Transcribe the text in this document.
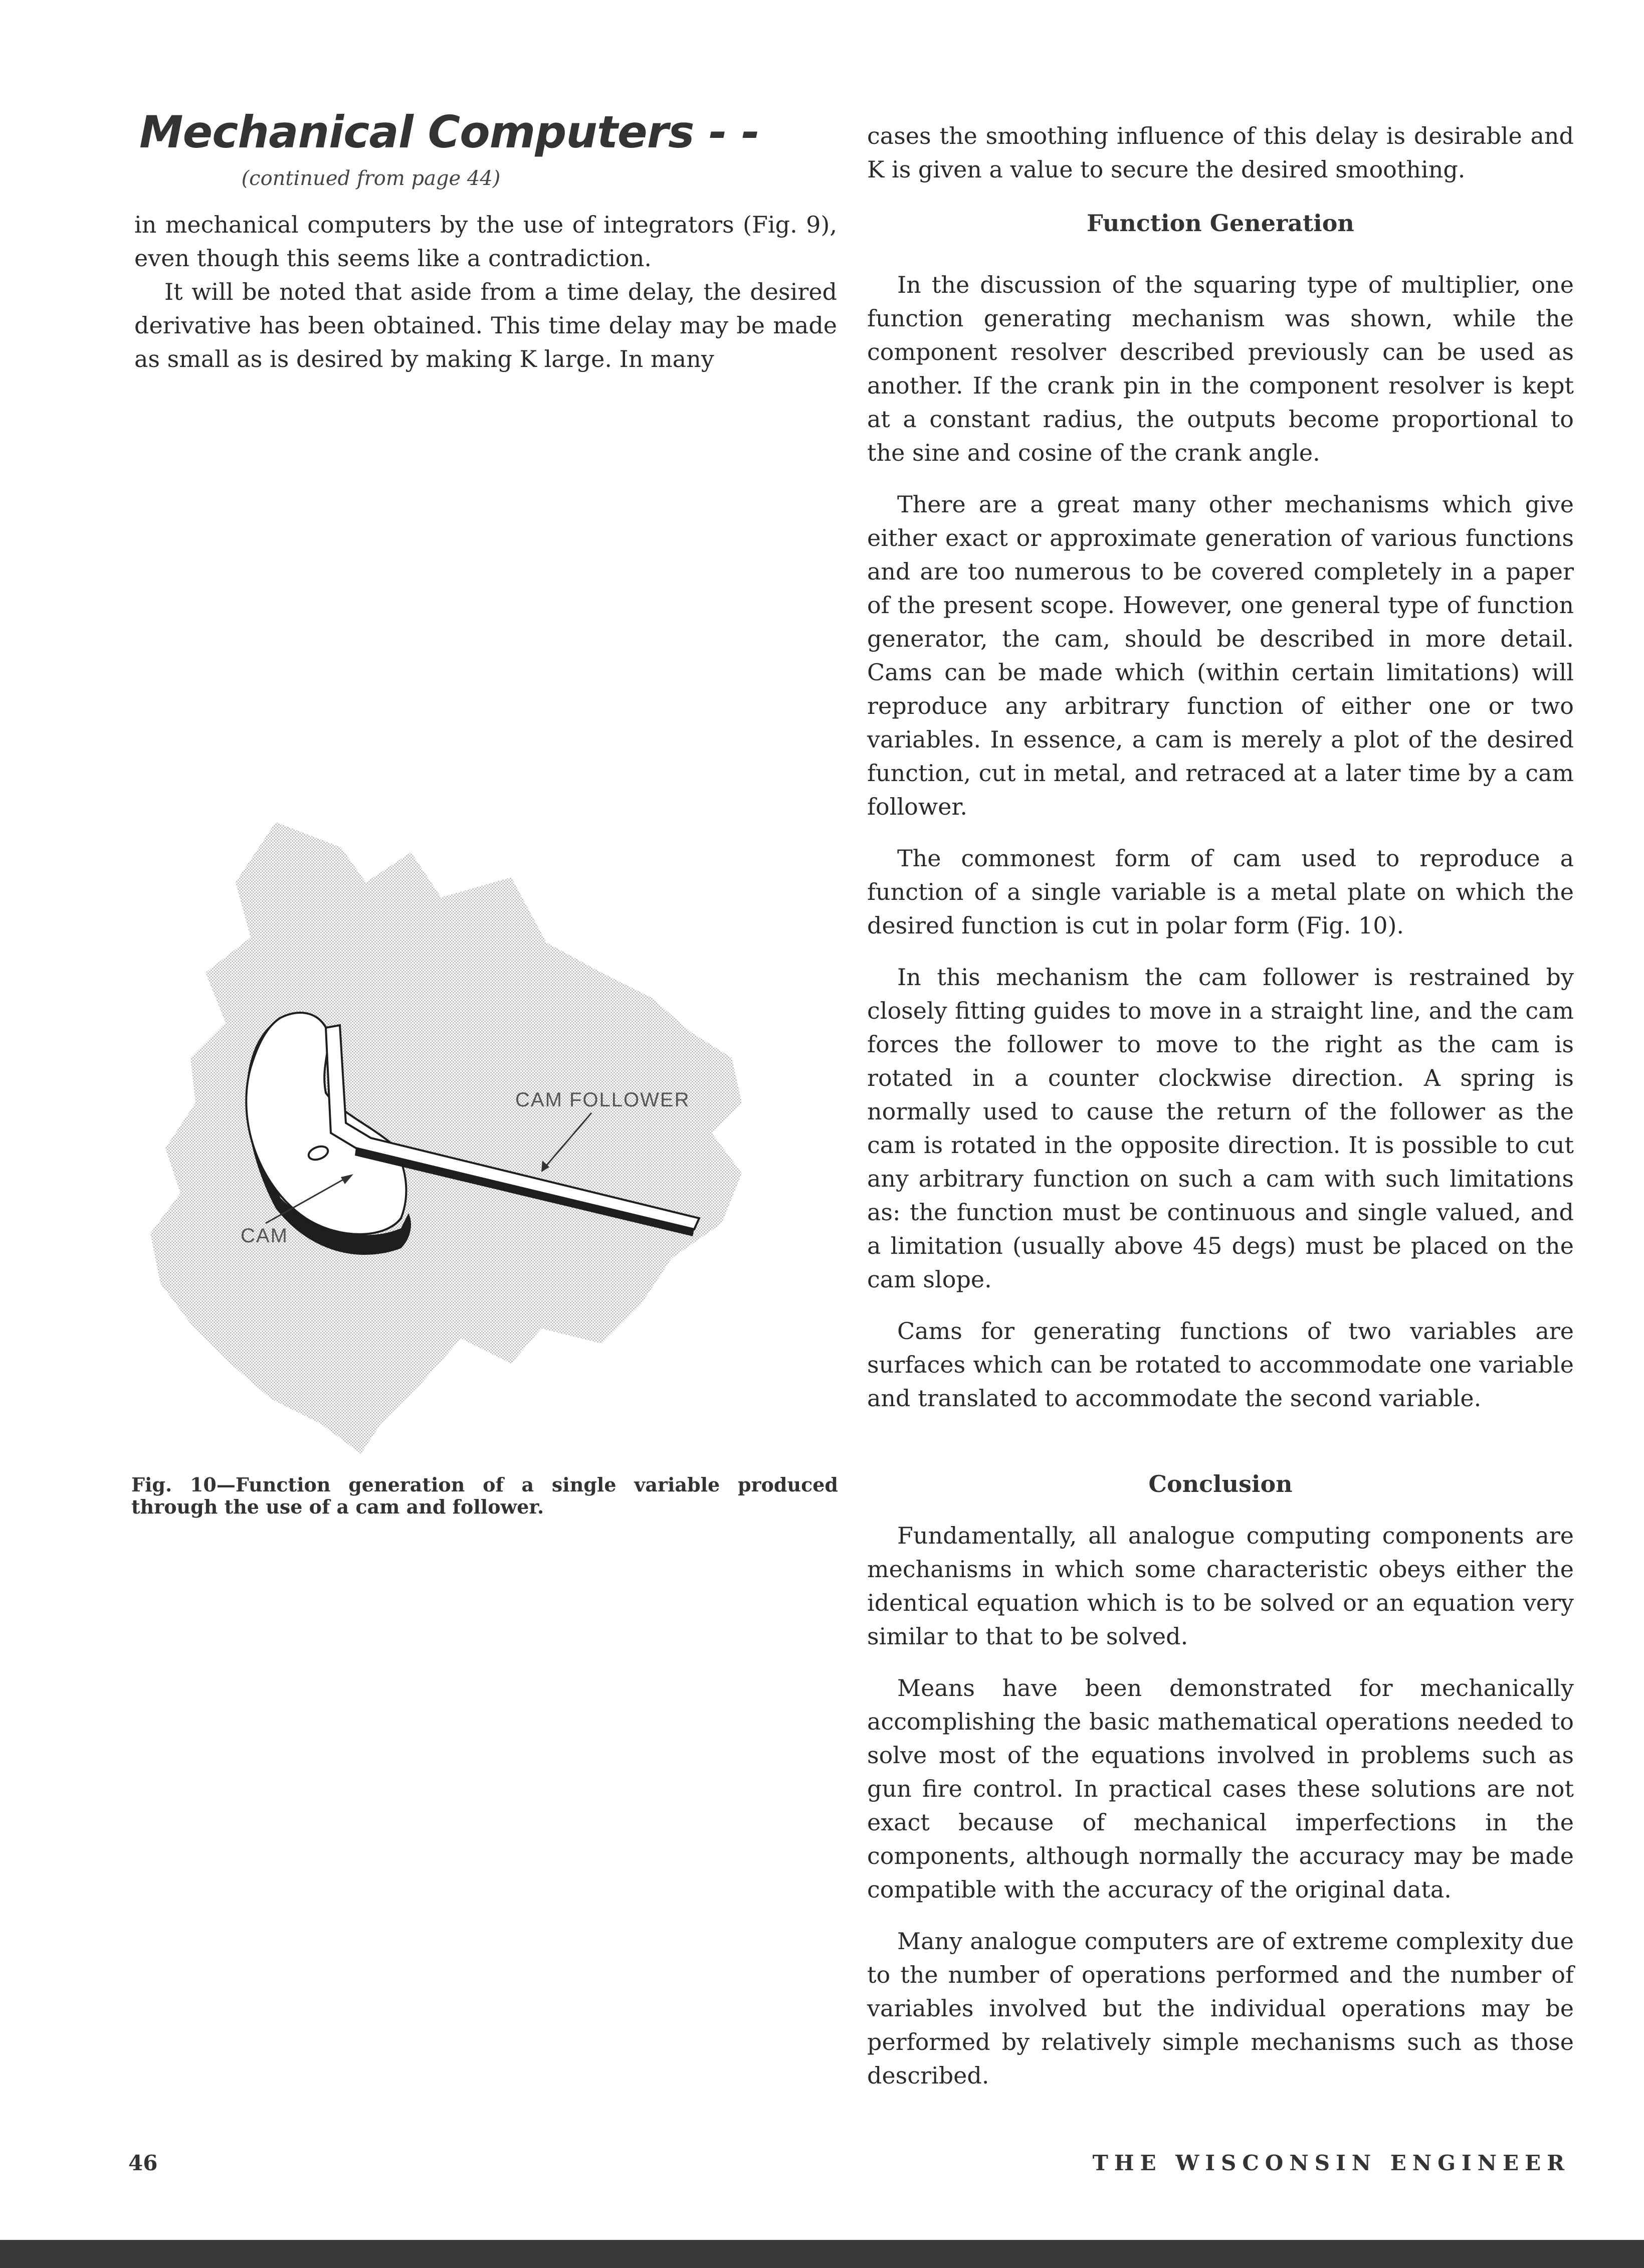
Mechanical Computers - -
(continued from page 44)

in mechanical computers by the use of integrators (Fig. 9), even though this seems like a contradiction.

It will be noted that aside from a time delay, the desired derivative has been obtained. This time delay may be made as small as is desired by making K large. In many

CAM
CAM FOLLOWER

Fig. 10—Function generation of a single variable produced through the use of a cam and follower.

cases the smoothing influence of this delay is desirable and K is given a value to secure the desired smoothing.

Function Generation

In the discussion of the squaring type of multiplier, one function generating mechanism was shown, while the component resolver described previously can be used as another. If the crank pin in the component resolver is kept at a constant radius, the outputs become proportional to the sine and cosine of the crank angle.

There are a great many other mechanisms which give either exact or approximate generation of various functions and are too numerous to be covered completely in a paper of the present scope. However, one general type of function generator, the cam, should be described in more detail. Cams can be made which (within certain limitations) will reproduce any arbitrary function of either one or two variables. In essence, a cam is merely a plot of the desired function, cut in metal, and retraced at a later time by a cam follower.

The commonest form of cam used to reproduce a function of a single variable is a metal plate on which the desired function is cut in polar form (Fig. 10).

In this mechanism the cam follower is restrained by closely fitting guides to move in a straight line, and the cam forces the follower to move to the right as the cam is rotated in a counter clockwise direction. A spring is normally used to cause the return of the follower as the cam is rotated in the opposite direction. It is possible to cut any arbitrary function on such a cam with such limitations as: the function must be continuous and single valued, and a limitation (usually above 45 degs) must be placed on the cam slope.

Cams for generating functions of two variables are surfaces which can be rotated to accommodate one variable and translated to accommodate the second variable.

Conclusion

Fundamentally, all analogue computing components are mechanisms in which some characteristic obeys either the identical equation which is to be solved or an equation very similar to that to be solved.

Means have been demonstrated for mechanically accomplishing the basic mathematical operations needed to solve most of the equations involved in problems such as gun fire control. In practical cases these solutions are not exact because of mechanical imperfections in the components, although normally the accuracy may be made compatible with the accuracy of the original data.

Many analogue computers are of extreme complexity due to the number of operations performed and the number of variables involved but the individual operations may be performed by relatively simple mechanisms such as those described.

46	THE WISCONSIN ENGINEER
